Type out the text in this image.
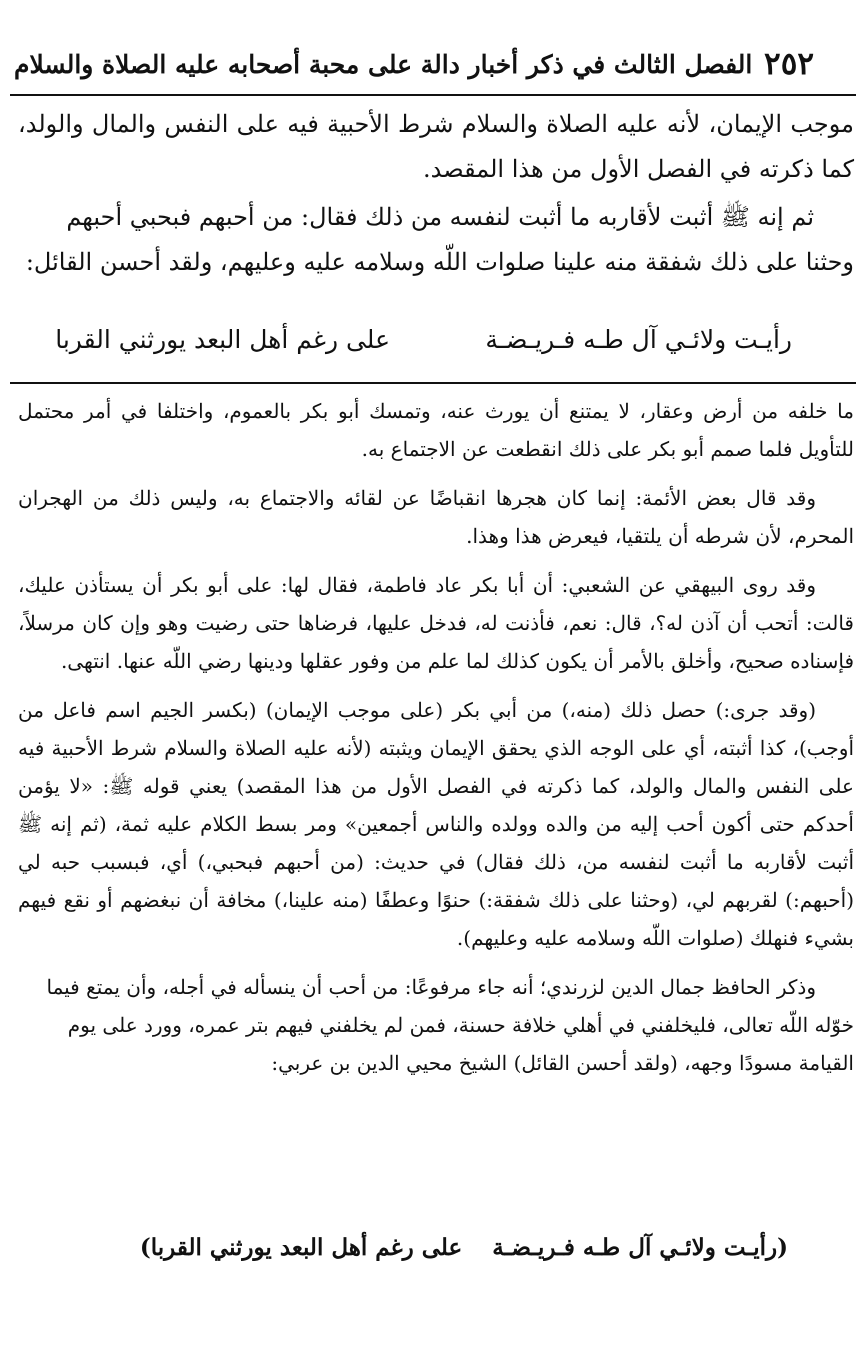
٢٥٢
الفصل الثالث في ذكر أخبار دالة على محبة أصحابه عليه الصلاة والسلام

موجب الإيمان، لأنه عليه الصلاة والسلام شرط الأحبية فيه على النفس والمال والولد، كما ذكرته في الفصل الأول من هذا المقصد.

ثم إنه ﷺ أثبت لأقاربه ما أثبت لنفسه من ذلك فقال: من أحبهم فبحبي أحبهم وحثنا على ذلك شفقة منه علينا صلوات اللّه وسلامه عليه وعليهم، ولقد أحسن القائل:

رأيـت ولائـي آل طـه فـريـضـة
على رغم أهل البعد يورثني القربا

ما خلفه من أرض وعقار، لا يمتنع أن يورث عنه، وتمسك أبو بكر بالعموم، واختلفا في أمر محتمل للتأويل فلما صمم أبو بكر على ذلك انقطعت عن الاجتماع به.

وقد قال بعض الأئمة: إنما كان هجرها انقباضًا عن لقائه والاجتماع به، وليس ذلك من الهجران المحرم، لأن شرطه أن يلتقيا، فيعرض هذا وهذا.

وقد روى البيهقي عن الشعبي: أن أبا بكر عاد فاطمة، فقال لها: على أبو بكر أن يستأذن عليك، قالت: أتحب أن آذن له؟، قال: نعم، فأذنت له، فدخل عليها، فرضاها حتى رضيت وهو وإن كان مرسلاً، فإسناده صحيح، وأخلق بالأمر أن يكون كذلك لما علم من وفور عقلها ودينها رضي اللّه عنها. انتهى.

(وقد جرى:) حصل ذلك (منه،) من أبي بكر (على موجب الإيمان) (بكسر الجيم اسم فاعل من أوجب)، كذا أثبته، أي على الوجه الذي يحقق الإيمان ويثبته (لأنه عليه الصلاة والسلام شرط الأحبية فيه على النفس والمال والولد، كما ذكرته في الفصل الأول من هذا المقصد) يعني قوله ﷺ: «لا يؤمن أحدكم حتى أكون أحب إليه من والده وولده والناس أجمعين» ومر بسط الكلام عليه ثمة، (ثم إنه ﷺ أثبت لأقاربه ما أثبت لنفسه من، ذلك فقال) في حديث: (من أحبهم فبحبي،) أي، فبسبب حبه لي (أحبهم:) لقربهم لي، (وحثنا على ذلك شفقة:) حنوًا وعطفًا (منه علينا،) مخافة أن نبغضهم أو نقع فيهم بشيء فنهلك (صلوات اللّه وسلامه عليه وعليهم).

وذكر الحافظ جمال الدين لزرندي؛ أنه جاء مرفوعًا: من أحب أن ينسأله في أجله، وأن يمتع فيما خوّله اللّه تعالى، فليخلفني في أهلي خلافة حسنة، فمن لم يخلفني فيهم بتر عمره، وورد على يوم القيامة مسودًا وجهه، (ولقد أحسن القائل) الشيخ محيي الدين بن عربي:

(رأيـت ولائـي آل طـه فـريـضـة على رغم أهل البعد يورثني القربا)
